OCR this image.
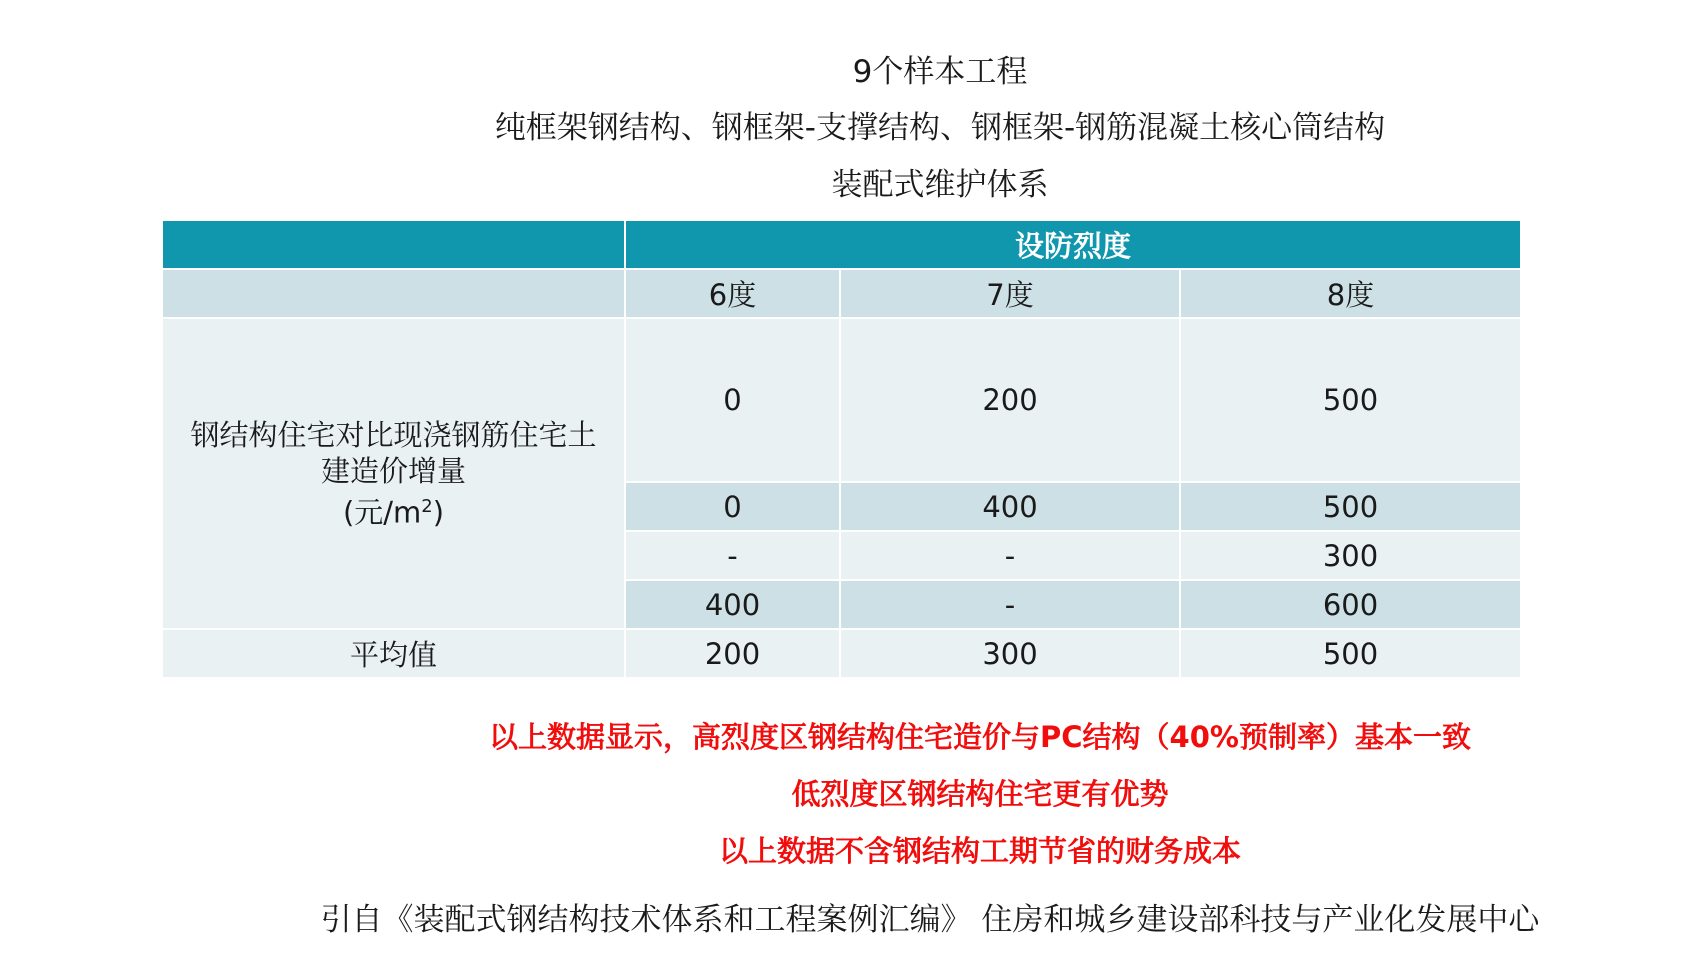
9个样本工程
纯框架钢结构、钢框架-支撑结构、钢框架-钢筋混凝土核心筒结构
装配式维护体系
	设防烈度		
	6度	7度	8度

钢结构住宅对比现浇钢筋住宅土
建造价增量
(元$/m^2$)	0	200	500
	0	400	500
	-	-	300
	400	-	600
平均值	200	300	500
以上数据显示，高烈度区钢结构住宅造价与PC结构（40%预制率）基本一致
低烈度区钢结构住宅更有优势
以上数据不含钢结构工期节省的财务成本
引自《装配式钢结构技术体系和工程案例汇编》 住房和城乡建设部科技与产业化发展中心
